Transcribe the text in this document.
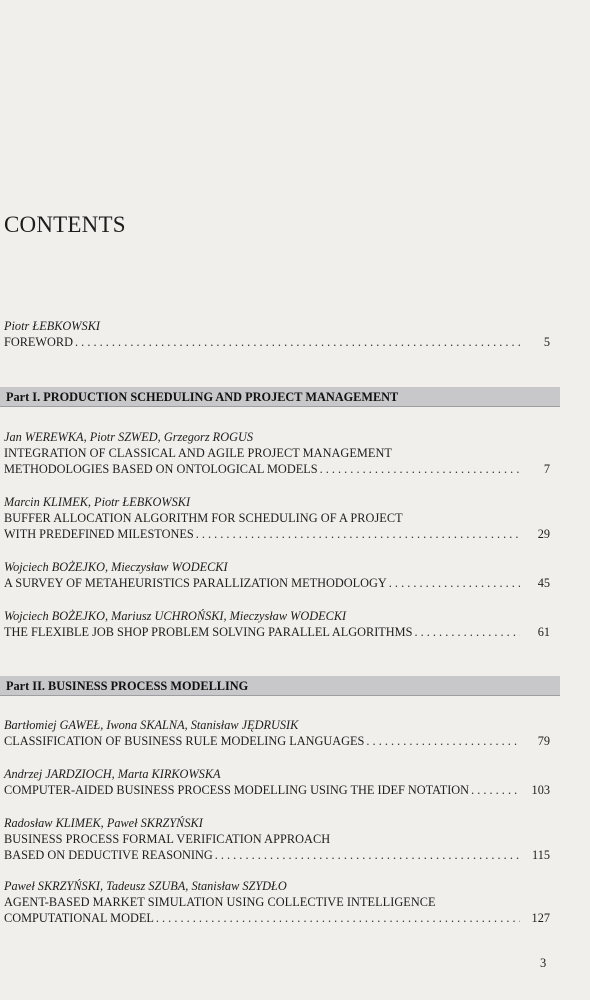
CONTENTS
Piotr ŁEBKOWSKI
FOREWORD . . .	5
Part I. PRODUCTION SCHEDULING AND PROJECT MANAGEMENT
Jan WEREWKA, Piotr SZWED, Grzegorz ROGUS
INTEGRATION OF CLASSICAL AND AGILE PROJECT MANAGEMENT
METHODOLOGIES BASED ON ONTOLOGICAL MODELS . . .	7
Marcin KLIMEK, Piotr ŁEBKOWSKI
BUFFER ALLOCATION ALGORITHM FOR SCHEDULING OF A PROJECT
WITH PREDEFINED MILESTONES . . .	29
Wojciech BOŻEJKO, Mieczysław WODECKI
A SURVEY OF METAHEURISTICS PARALLIZATION METHODOLOGY . . .	45
Wojciech BOŻEJKO, Mariusz UCHROŃSKI, Mieczysław WODECKI
THE FLEXIBLE JOB SHOP PROBLEM SOLVING PARALLEL ALGORITHMS . . .	61
Part II. BUSINESS PROCESS MODELLING
Bartłomiej GAWEŁ, Iwona SKALNA, Stanisław JĘDRUSIK
CLASSIFICATION OF BUSINESS RULE MODELING LANGUAGES . . .	79
Andrzej JARDZIOCH, Marta KIRKOWSKA
COMPUTER-AIDED BUSINESS PROCESS MODELLING USING THE IDEF NOTATION . . .	103
Radosław KLIMEK, Paweł SKRZYŃSKI
BUSINESS PROCESS FORMAL VERIFICATION APPROACH
BASED ON DEDUCTIVE REASONING . . .	115
Paweł SKRZYŃSKI, Tadeusz SZUBA, Stanisław SZYDŁO
AGENT-BASED MARKET SIMULATION USING COLLECTIVE INTELLIGENCE
COMPUTATIONAL MODEL . . .	127
3
